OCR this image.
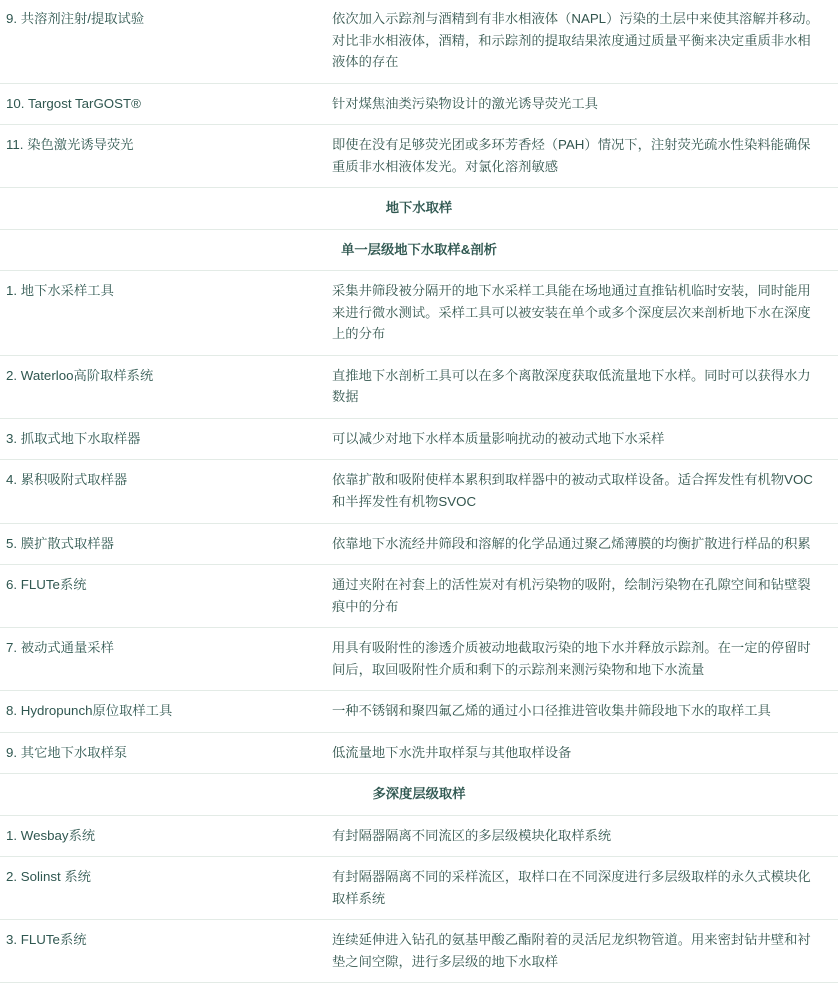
9. 共溶剂注射/提取试验	依次加入示踪剂与酒精到有非水相液体（NAPL）污染的土层中来使其溶解并移动。对比非水相液体，酒精，和示踪剂的提取结果浓度通过质量平衡来决定重质非水相液体的存在
10. Targost TarGOST®	针对煤焦油类污染物设计的激光诱导荧光工具
11. 染色激光诱导荧光	即使在没有足够荧光团或多环芳香烃（PAH）情况下，注射荧光疏水性染料能确保重质非水相液体发光。对氯化溶剂敏感
地下水取样	
单一层级地下水取样&剖析	
1. 地下水采样工具	采集井筛段被分隔开的地下水采样工具能在场地通过直推钻机临时安装，同时能用来进行微水测试。采样工具可以被安装在单个或多个深度层次来剖析地下水在深度上的分布
2. Waterloo高阶取样系统	直推地下水剖析工具可以在多个离散深度获取低流量地下水样。同时可以获得水力数据
3. 抓取式地下水取样器	可以减少对地下水样本质量影响扰动的被动式地下水采样
4. 累积吸附式取样器	依靠扩散和吸附使样本累积到取样器中的被动式取样设备。适合挥发性有机物VOC和半挥发性有机物SVOC
5. 膜扩散式取样器	依靠地下水流经井筛段和溶解的化学品通过聚乙烯薄膜的均衡扩散进行样品的积累
6. FLUTe系统	通过夹附在衬套上的活性炭对有机污染物的吸附，绘制污染物在孔隙空间和钻壁裂痕中的分布
7. 被动式通量采样	用具有吸附性的渗透介质被动地截取污染的地下水并释放示踪剂。在一定的停留时间后，取回吸附性介质和剩下的示踪剂来测污染物和地下水流量
8. Hydropunch原位取样工具	一种不锈钢和聚四氟乙烯的通过小口径推进管收集井筛段地下水的取样工具
9. 其它地下水取样泵	低流量地下水洗井取样泵与其他取样设备
多深度层级取样	
1. Wesbay系统	有封隔器隔离不同流区的多层级模块化取样系统
2. Solinst 系统	有封隔器隔离不同的采样流区，取样口在不同深度进行多层级取样的永久式模块化取样系统
3. FLUTe系统	连续延伸进入钻孔的氨基甲酸乙酯附着的灵活尼龙织物管道。用来密封钻井壁和衬垫之间空隙，进行多层级的地下水取样
